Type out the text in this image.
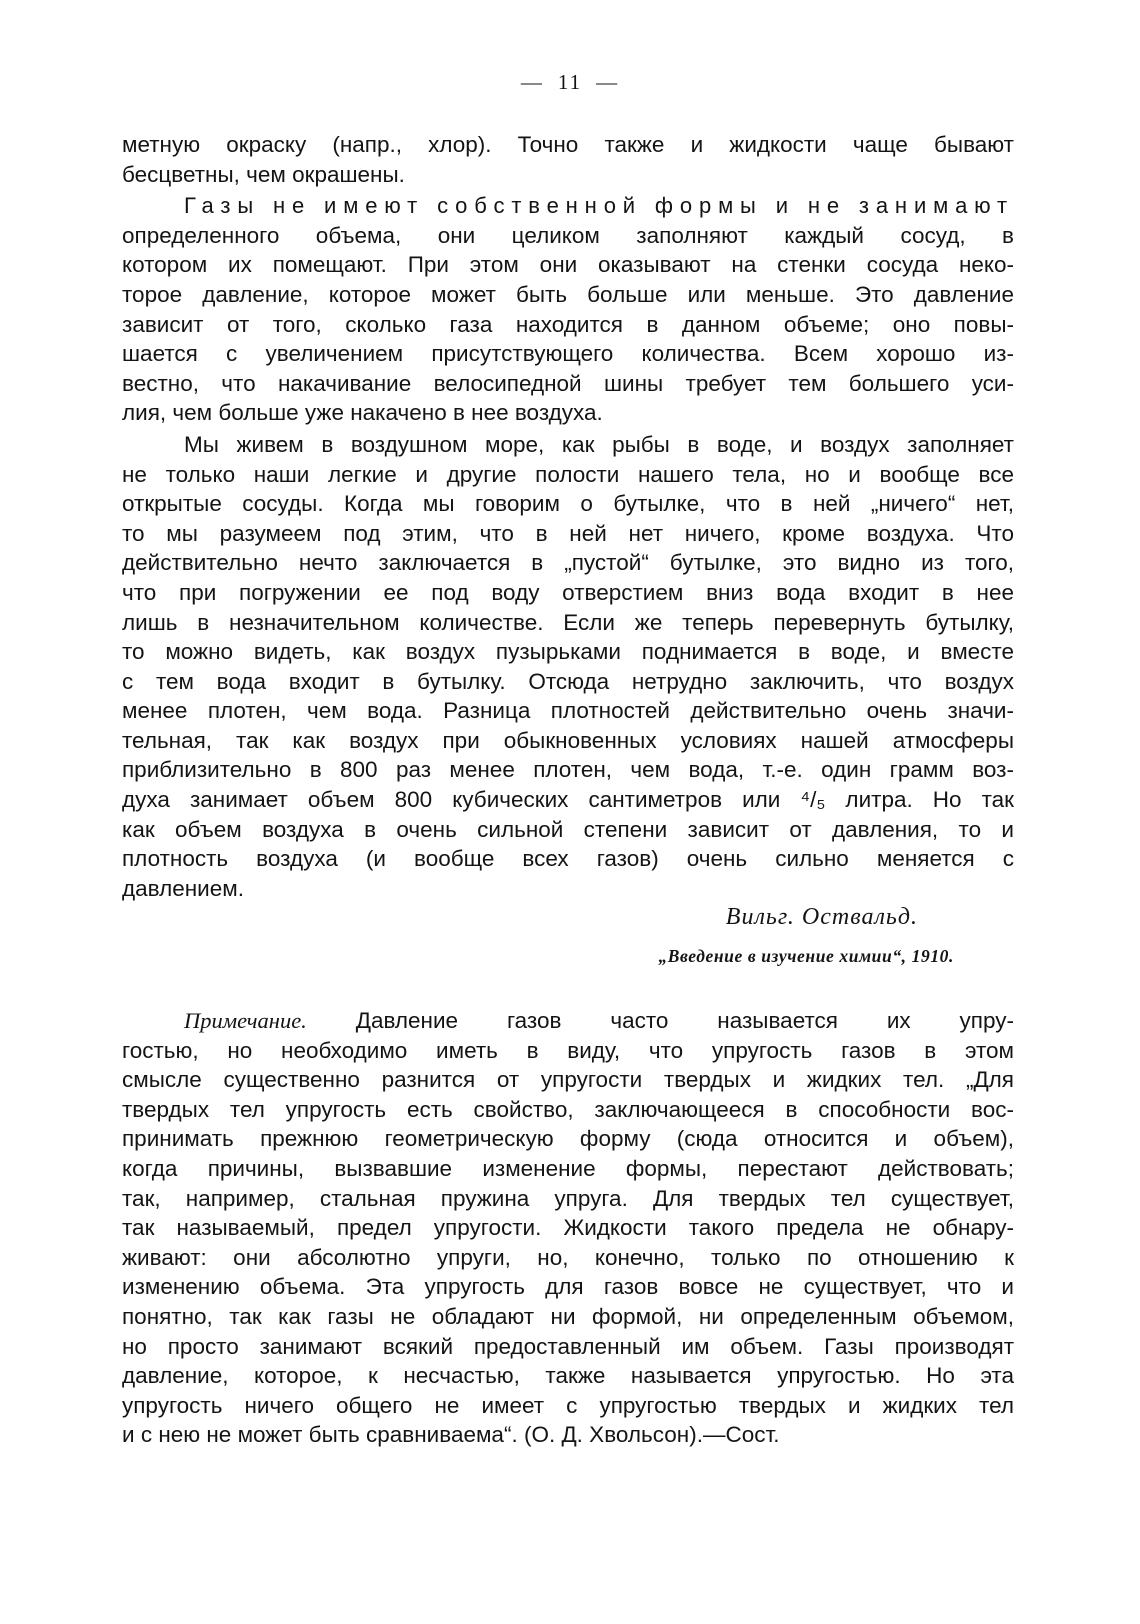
— 11 —
метную окраску (напр., хлор). Точно также и жидкости чаще бывают
бесцветны, чем окрашены.
Газы не имеют собственной формы и не занимают
определенного объема, они целиком заполняют каждый сосуд, в
котором их помещают. При этом они оказывают на стенки сосуда неко-
торое давление, которое может быть больше или меньше. Это давление
зависит от того, сколько газа находится в данном объеме; оно повы-
шается с увеличением присутствующего количества. Всем хорошо из-
вестно, что накачивание велосипедной шины требует тем большего уси-
лия, чем больше уже накачено в нее воздуха.
Мы живем в воздушном море, как рыбы в воде, и воздух заполняет
не только наши легкие и другие полости нашего тела, но и вообще все
открытые сосуды. Когда мы говорим о бутылке, что в ней „ничего“ нет,
то мы разумеем под этим, что в ней нет ничего, кроме воздуха. Что
действительно нечто заключается в „пустой“ бутылке, это видно из того,
что при погружении ее под воду отверстием вниз вода входит в нее
лишь в незначительном количестве. Если же теперь перевернуть бутылку,
то можно видеть, как воздух пузырьками поднимается в воде, и вместе
с тем вода входит в бутылку. Отсюда нетрудно заключить, что воздух
менее плотен, чем вода. Разница плотностей действительно очень значи-
тельная, так как воздух при обыкновенных условиях нашей атмосферы
приблизительно в 800 раз менее плотен, чем вода, т.-е. один грамм воз-
духа занимает объем 800 кубических сантиметров или ⁴/₅ литра. Но так
как объем воздуха в очень сильной степени зависит от давления, то и
плотность воздуха (и вообще всех газов) очень сильно меняется с
давлением.
Вильг. Оствальд.
„Введение в изучение химии“, 1910.
Примечание. Давление газов часто называется их упру-
гостью, но необходимо иметь в виду, что упругость газов в этом
смысле существенно разнится от упругости твердых и жидких тел. „Для
твердых тел упругость есть свойство, заключающееся в способности вос-
принимать прежнюю геометрическую форму (сюда относится и объем),
когда причины, вызвавшие изменение формы, перестают действовать;
так, например, стальная пружина упруга. Для твердых тел существует,
так называемый, предел упругости. Жидкости такого предела не обнару-
живают: они абсолютно упруги, но, конечно, только по отношению к
изменению объема. Эта упругость для газов вовсе не существует, что и
понятно, так как газы не обладают ни формой, ни определенным объемом,
но просто занимают всякий предоставленный им объем. Газы производят
давление, которое, к несчастью, также называется упругостью. Но эта
упругость ничего общего не имеет с упругостью твердых и жидких тел
и с нею не может быть сравниваема“. (О. Д. Хвольсон).—Сост.
